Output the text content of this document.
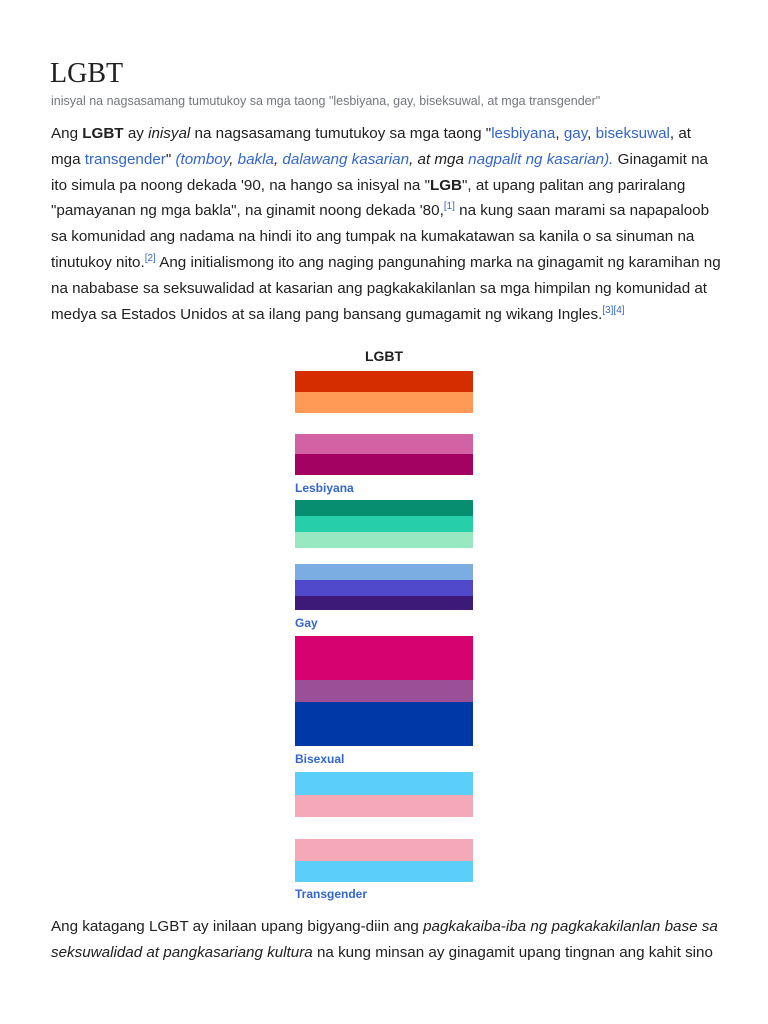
LGBT

inisyal na nagsasamang tumutukoy sa mga taong "lesbiyana, gay, biseksuwal, at mga transgender"

Ang LGBT ay inisyal na nagsasamang tumutukoy sa mga taong "lesbiyana, gay, biseksuwal, at mga transgender" (tomboy, bakla, dalawang kasarian, at mga nagpalit ng kasarian). Ginagamit na ito simula pa noong dekada '90, na hango sa inisyal na "LGB", at upang palitan ang pariralang "pamayanan ng mga bakla", na ginamit noong dekada '80,[1] na kung saan marami sa napapaloob sa komunidad ang nadama na hindi ito ang tumpak na kumakatawan sa kanila o sa sinuman na tinutukoy nito.[2] Ang initialismong ito ang naging pangunahing marka na ginagamit ng karamihan ng na nababase sa seksuwalidad at kasarian ang pagkakakilanlan sa mga himpilan ng komunidad at medya sa Estados Unidos at sa ilang pang bansang gumagamit ng wikang Ingles.[3][4]

LGBT
Lesbiyana
Gay
Bisexual
Transgender

Ang katagang LGBT ay inilaan upang bigyang-diin ang pagkakaiba-iba ng pagkakakilanlan base sa seksuwalidad at pangkasariang kultura na kung minsan ay ginagamit upang tingnan ang kahit sino
